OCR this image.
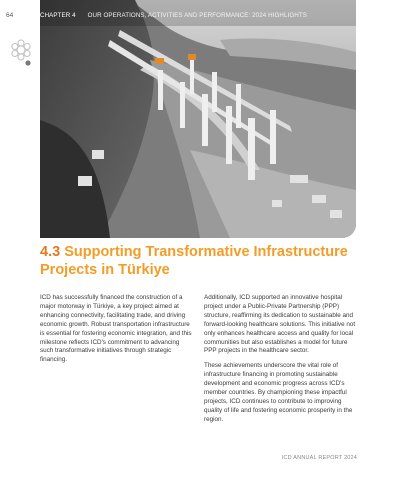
64	CHAPTER 4 OUR OPERATIONS, ACTIVITIES AND PERFORMANCE: 2024 HIGHLIGHTS
4.3 Supporting Transformative Infrastructure Projects in Türkiye

ICD has successfully financed the construction of a major motorway in Türkiye, a key project aimed at enhancing connectivity, facilitating trade, and driving economic growth. Robust transportation infrastructure is essential for fostering economic integration, and this milestone reflects ICD's commitment to advancing such transformative initiatives through strategic financing.

Additionally, ICD supported an innovative hospital project under a Public-Private Partnership (PPP) structure, reaffirming its dedication to sustainable and forward-looking healthcare solutions. This initiative not only enhances healthcare access and quality for local communities but also establishes a model for future PPP projects in the healthcare sector.

These achievements underscore the vital role of infrastructure financing in promoting sustainable development and economic progress across ICD's member countries. By championing these impactful projects, ICD continues to contribute to improving quality of life and fostering economic prosperity in the region.

ICD ANNUAL REPORT 2024
